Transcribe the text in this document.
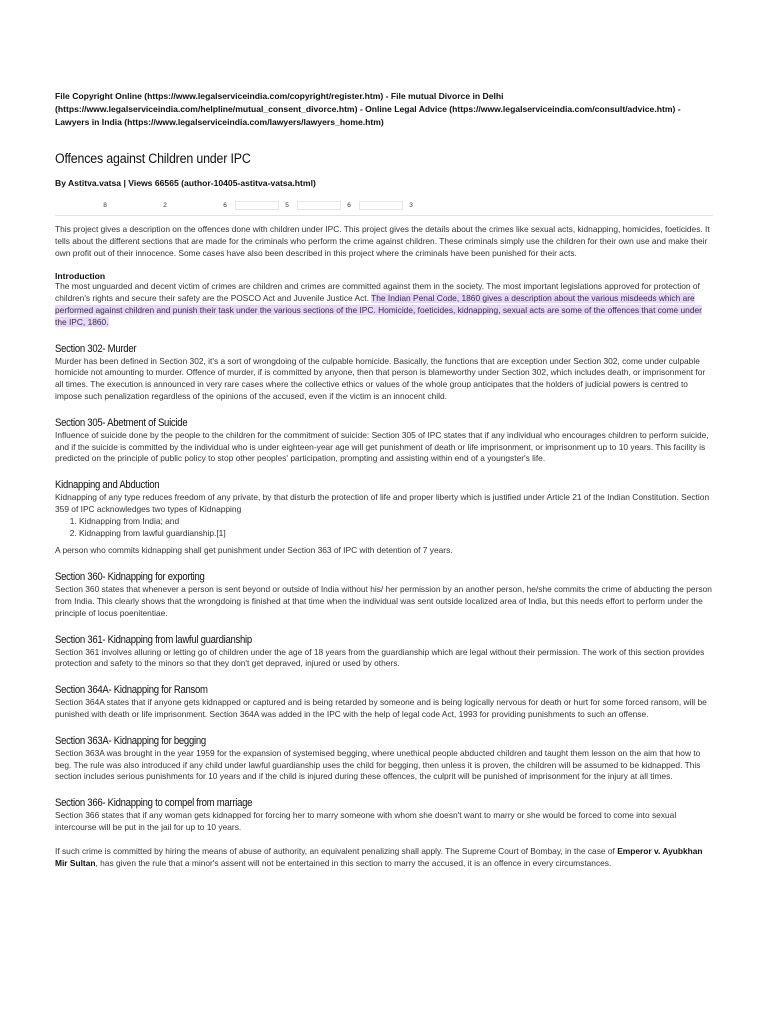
File Copyright Online (https://www.legalserviceindia.com/copyright/register.htm) - File mutual Divorce in Delhi
(https://www.legalserviceindia.com/helpline/mutual_consent_divorce.htm) - Online Legal Advice (https://www.legalserviceindia.com/consult/advice.htm) -
Lawyers in India (https://www.legalserviceindia.com/lawyers/lawyers_home.htm)

Offences against Children under IPC

By Astitva.vatsa | Views 66565 (author-10405-astitva-vatsa.html)

8	2	6	5	6	3

This project gives a description on the offences done with children under IPC. This project gives the details about the crimes like sexual acts, kidnapping, homicides, foeticides. It tells about the different sections that are made for the criminals who perform the crime against children. These criminals simply use the children for their own use and make their own profit out of their innocence. Some cases have also been described in this project where the criminals have been punished for their acts.

Introduction

The most unguarded and decent victim of crimes are children and crimes are committed against them in the society. The most important legislations approved for protection of children's rights and secure their safety are the POSCO Act and Juvenile Justice Act. The Indian Penal Code, 1860 gives a description about the various misdeeds which are performed against children and punish their task under the various sections of the IPC. Homicide, foeticides, kidnapping, sexual acts are some of the offences that come under the IPC, 1860.

Section 302- Murder

Murder has been defined in Section 302, it's a sort of wrongdoing of the culpable homicide. Basically, the functions that are exception under Section 302, come under culpable homicide not amounting to murder. Offence of murder, if is committed by anyone, then that person is blameworthy under Section 302, which includes death, or imprisonment for all times. The execution is announced in very rare cases where the collective ethics or values of the whole group anticipates that the holders of judicial powers is centred to impose such penalization regardless of the opinions of the accused, even if the victim is an innocent child.

Section 305- Abetment of Suicide

Influence of suicide done by the people to the children for the commitment of suicide: Section 305 of IPC states that if any individual who encourages children to perform suicide, and if the suicide is committed by the individual who is under eighteen-year age will get punishment of death or life imprisonment, or imprisonment up to 10 years. This facility is predicted on the principle of public policy to stop other peoples' participation, prompting and assisting within end of a youngster's life.

Kidnapping and Abduction

Kidnapping of any type reduces freedom of any private, by that disturb the protection of life and proper liberty which is justified under Article 21 of the Indian Constitution. Section 359 of IPC acknowledges two types of Kidnapping

1. Kidnapping from India; and
2. Kidnapping from lawful guardianship.[1]

A person who commits kidnapping shall get punishment under Section 363 of IPC with detention of 7 years.

Section 360- Kidnapping for exporting

Section 360 states that whenever a person is sent beyond or outside of India without his/ her permission by an another person, he/she commits the crime of abducting the person from India. This clearly shows that the wrongdoing is finished at that time when the individual was sent outside localized area of India, but this needs effort to perform under the principle of locus poenitentiae.

Section 361- Kidnapping from lawful guardianship

Section 361 involves alluring or letting go of children under the age of 18 years from the guardianship which are legal without their permission. The work of this section provides protection and safety to the minors so that they don't get depraved, injured or used by others.

Section 364A- Kidnapping for Ransom

Section 364A states that if anyone gets kidnapped or captured and is being retarded by someone and is being logically nervous for death or hurt for some forced ransom, will be punished with death or life imprisonment. Section 364A was added in the IPC with the help of legal code Act, 1993 for providing punishments to such an offense.

Section 363A- Kidnapping for begging

Section 363A was brought in the year 1959 for the expansion of systemised begging, where unethical people abducted children and taught them lesson on the aim that how to beg. The rule was also introduced if any child under lawful guardianship uses the child for begging, then unless it is proven, the children will be assumed to be kidnapped. This section includes serious punishments for 10 years and if the child is injured during these offences, the culprit will be punished of imprisonment for the injury at all times.

Section 366- Kidnapping to compel from marriage

Section 366 states that if any woman gets kidnapped for forcing her to marry someone with whom she doesn't want to marry or she would be forced to come into sexual intercourse will be put in the jail for up to 10 years.

If such crime is committed by hiring the means of abuse of authority, an equivalent penalizing shall apply. The Supreme Court of Bombay, in the case of Emperor v. Ayubkhan Mir Sultan, has given the rule that a minor's assent will not be entertained in this section to marry the accused, it is an offence in every circumstances.
